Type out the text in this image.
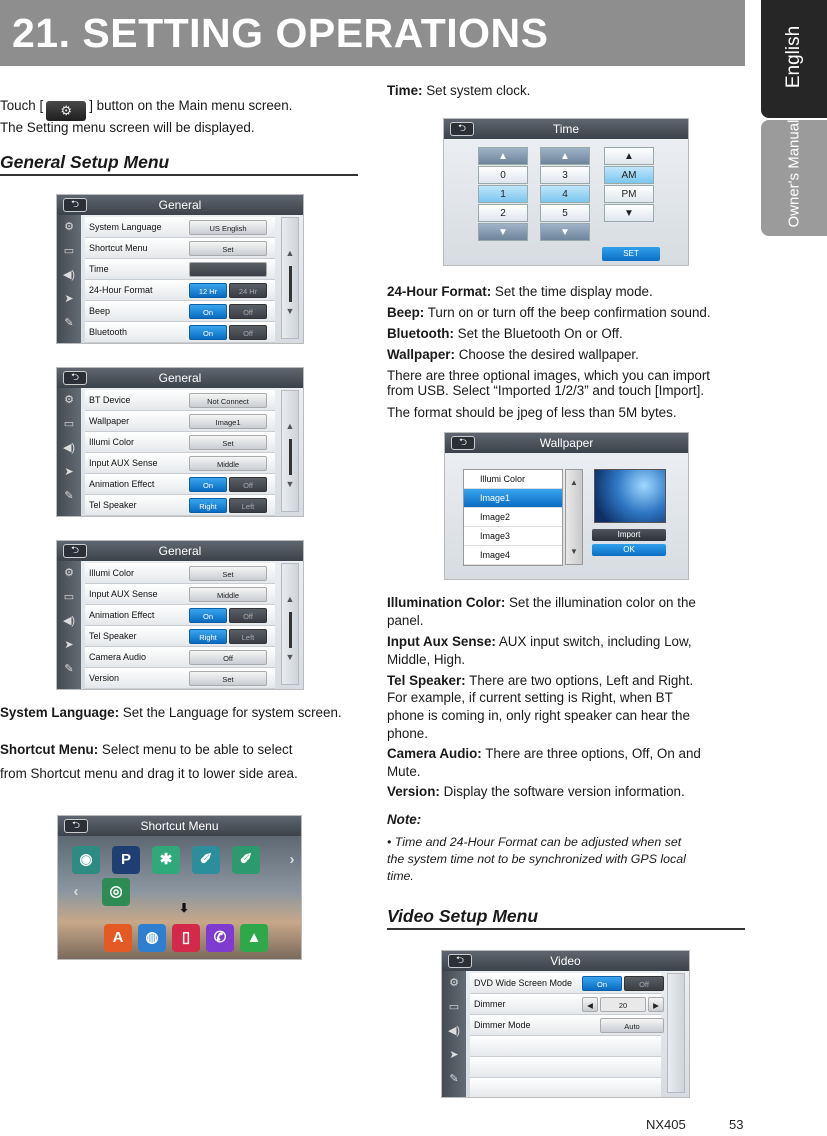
21. SETTING OPERATIONS	English
Owner's Manual
Touch [ ⚙ ] button on the Main menu screen.
The Setting menu screen will be displayed.
General Setup Menu
General
⮌
⚙
▭
◀)
➤
✎
System Language	US English
Shortcut Menu	Set
Time
24-Hour Format	12 Hr	24 Hr
Beep	On	Off
Bluetooth	On	Off
▲
▼
General
⮌
⚙
▭
◀)
➤
✎
BT Device	Not Connect
Wallpaper	Image1
Illumi Color	Set
Input AUX Sense	Middle
Animation Effect	On	Off
Tel Speaker	Right	Left
▲
▼
General
⮌
⚙
▭
◀)
➤
✎
Illumi Color	Set
Input AUX Sense	Middle
Animation Effect	On	Off
Tel Speaker	Right	Left
Camera Audio	Off
Version	Set
▲
▼
System Language: Set the Language for system screen.
Shortcut Menu: Select menu to be able to select
from Shortcut menu and drag it to lower side area.
Shortcut Menu
⮌
◉	P	✱	✐	✐	›
‹	◎
⬇
A	◍	▯	✆	▲
Time: Set system clock.
Time
⮌
▲
0
1
2
▼
▲
3
4
5
▼
▲
AM
PM
▼
SET
24-Hour Format: Set the time display mode.
Beep: Turn on or turn off the beep confirmation sound.
Bluetooth: Set the Bluetooth On or Off.
Wallpaper: Choose the desired wallpaper.
There are three optional images, which you can import
from USB. Select “Imported 1/2/3” and touch [Import].
The format should be jpeg of less than 5M bytes.
Wallpaper
⮌
Illumi Color
Image1
Image2
Image3
Image4
▲
▼
Import
OK
Illumination Color: Set the illumination color on the
panel.
Input Aux Sense: AUX input switch, including Low,
Middle, High.
Tel Speaker: There are two options, Left and Right.
For example, if current setting is Right, when BT
phone is coming in, only right speaker can hear the
phone.
Camera Audio: There are three options, Off, On and
Mute.
Version: Display the software version information.
Note:
• Time and 24-Hour Format can be adjusted when set
the system time not to be synchronized with GPS local
time.
Video Setup Menu
Video
⮌
⚙
▭
◀)
➤
✎
DVD Wide Screen Mode	On	Off
Dimmer	◀	20	▶
Dimmer Mode	Auto
NX405	53
